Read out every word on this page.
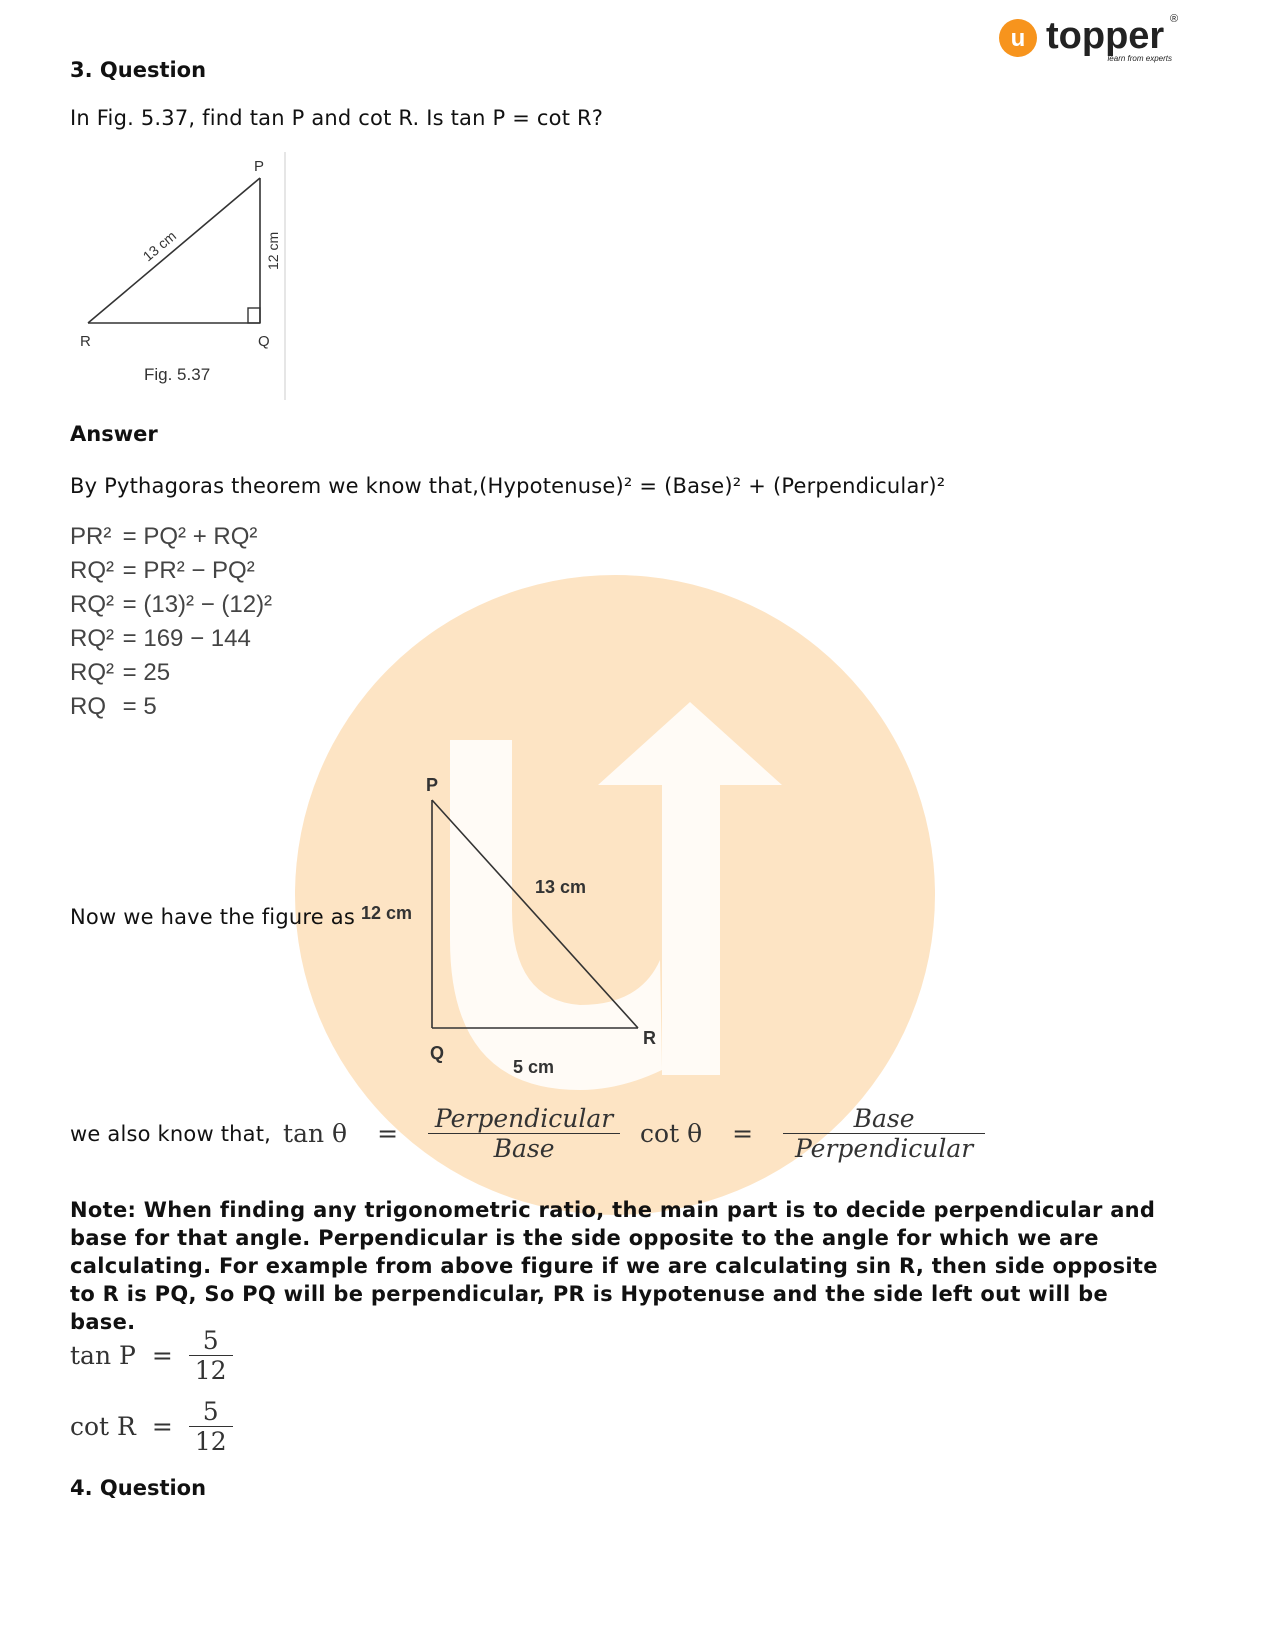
u topper ®
learn from experts
3. Question
In Fig. 5.37, find tan P and cot R. Is tan P = cot R?
P
R	Q
13 cm	12 cm
Fig. 5.37
Answer
By Pythagoras theorem we know that,(Hypotenuse)² = (Base)² + (Perpendicular)²
PR² = PQ² + RQ²
RQ² = PR² − PQ²
RQ² = (13)² − (12)²
RQ² = 169 − 144
RQ² = 25
RQ = 5
Now we have the figure as
P
Q
R
13 cm
12 cm
5 cm
we also know that, $\tan \theta = \frac{\text{Perpendicular}}{\text{Base}}$ $\cot \theta = \frac{\text{Base}}{\text{Perpendicular}}$
Note: When finding any trigonometric ratio, the main part is to decide perpendicular and base for that angle. Perpendicular is the side opposite to the angle for which we are calculating. For example from above figure if we are calculating sin R, then side opposite to R is PQ, So PQ will be perpendicular, PR is Hypotenuse and the side left out will be base.
$\tan P = \frac{5}{12}$
$\cot R = \frac{5}{12}$
4. Question
